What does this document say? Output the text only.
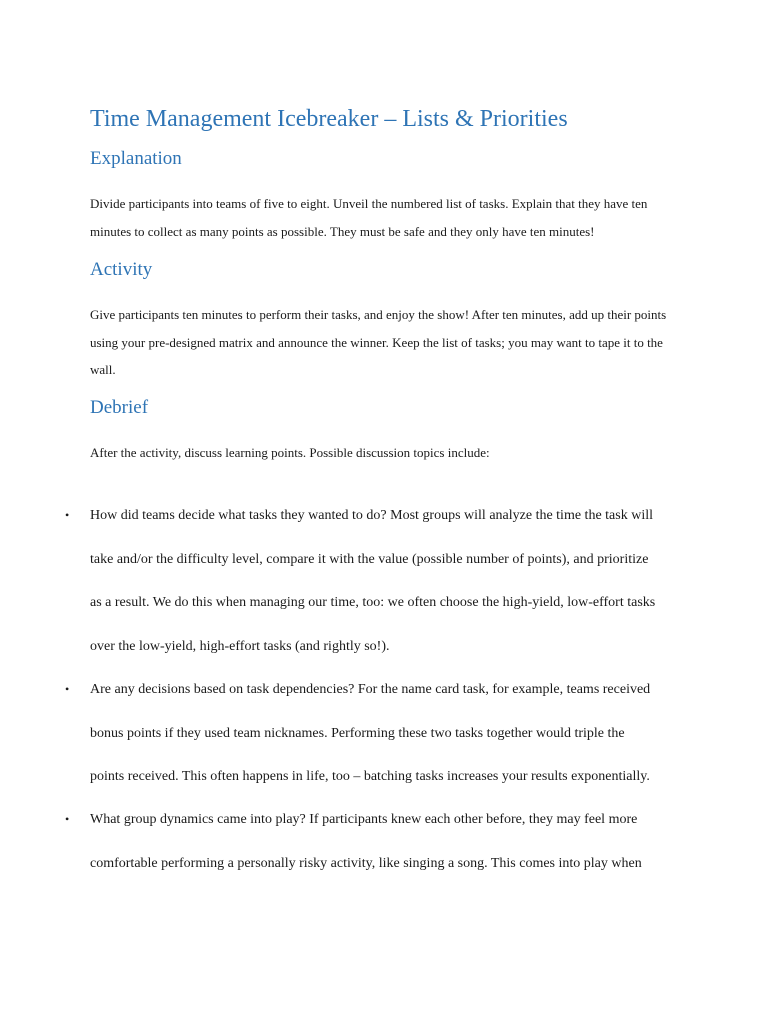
Time Management Icebreaker – Lists & Priorities
Explanation

Divide participants into teams of five to eight. Unveil the numbered list of tasks. Explain that they have ten
minutes to collect as many points as possible. They must be safe and they only have ten minutes!

Activity

Give participants ten minutes to perform their tasks, and enjoy the show! After ten minutes, add up their points
using your pre-designed matrix and announce the winner. Keep the list of tasks; you may want to tape it to the
wall.

Debrief

After the activity, discuss learning points. Possible discussion topics include:

• How did teams decide what tasks they wanted to do? Most groups will analyze the time the task will
take and/or the difficulty level, compare it with the value (possible number of points), and prioritize
as a result. We do this when managing our time, too: we often choose the high-yield, low-effort tasks
over the low-yield, high-effort tasks (and rightly so!).
• Are any decisions based on task dependencies? For the name card task, for example, teams received
bonus points if they used team nicknames. Performing these two tasks together would triple the
points received. This often happens in life, too – batching tasks increases your results exponentially.
• What group dynamics came into play? If participants knew each other before, they may feel more
comfortable performing a personally risky activity, like singing a song. This comes into play when
